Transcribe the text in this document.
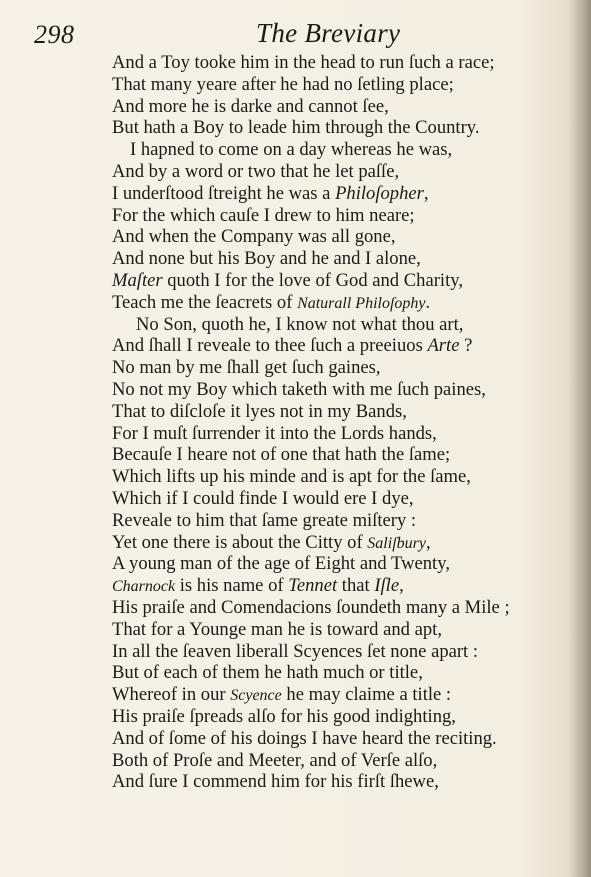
298	The Breviary
And a Toy tooke him in the head to run ſuch a race;
That many yeare after he had no ſetling place;
And more he is darke and cannot ſee,
But hath a Boy to leade him through the Country.
I hapned to come on a day whereas he was,
And by a word or two that he let paſſe,
I underſtood ſtreight he was a Philoſopher,
For the which cauſe I drew to him neare;
And when the Company was all gone,
And none but his Boy and he and I alone,
Maſter quoth I for the love of God and Charity,
Teach me the ſeacrets of Naturall Philoſophy.
No Son, quoth he, I know not what thou art,
And ſhall I reveale to thee ſuch a preeiuos Arte ?
No man by me ſhall get ſuch gaines,
No not my Boy which taketh with me ſuch paines,
That to diſcloſe it lyes not in my Bands,
For I muſt ſurrender it into the Lords hands,
Becauſe I heare not of one that hath the ſame;
Which lifts up his minde and is apt for the ſame,
Which if I could finde I would ere I dye,
Reveale to him that ſame greate miſtery :
Yet one there is about the Citty of Saliſbury,
A young man of the age of Eight and Twenty,
Charnock is his name of Tennet that Iſle,
His praiſe and Comendacions ſoundeth many a Mile ;
That for a Younge man he is toward and apt,
In all the ſeaven liberall Scyences ſet none apart :
But of each of them he hath much or title,
Whereof in our Scyence he may claime a title :
His praiſe ſpreads alſo for his good indighting,
And of ſome of his doings I have heard the reciting.
Both of Proſe and Meeter, and of Verſe alſo,
And ſure I commend him for his firſt ſhewe,
